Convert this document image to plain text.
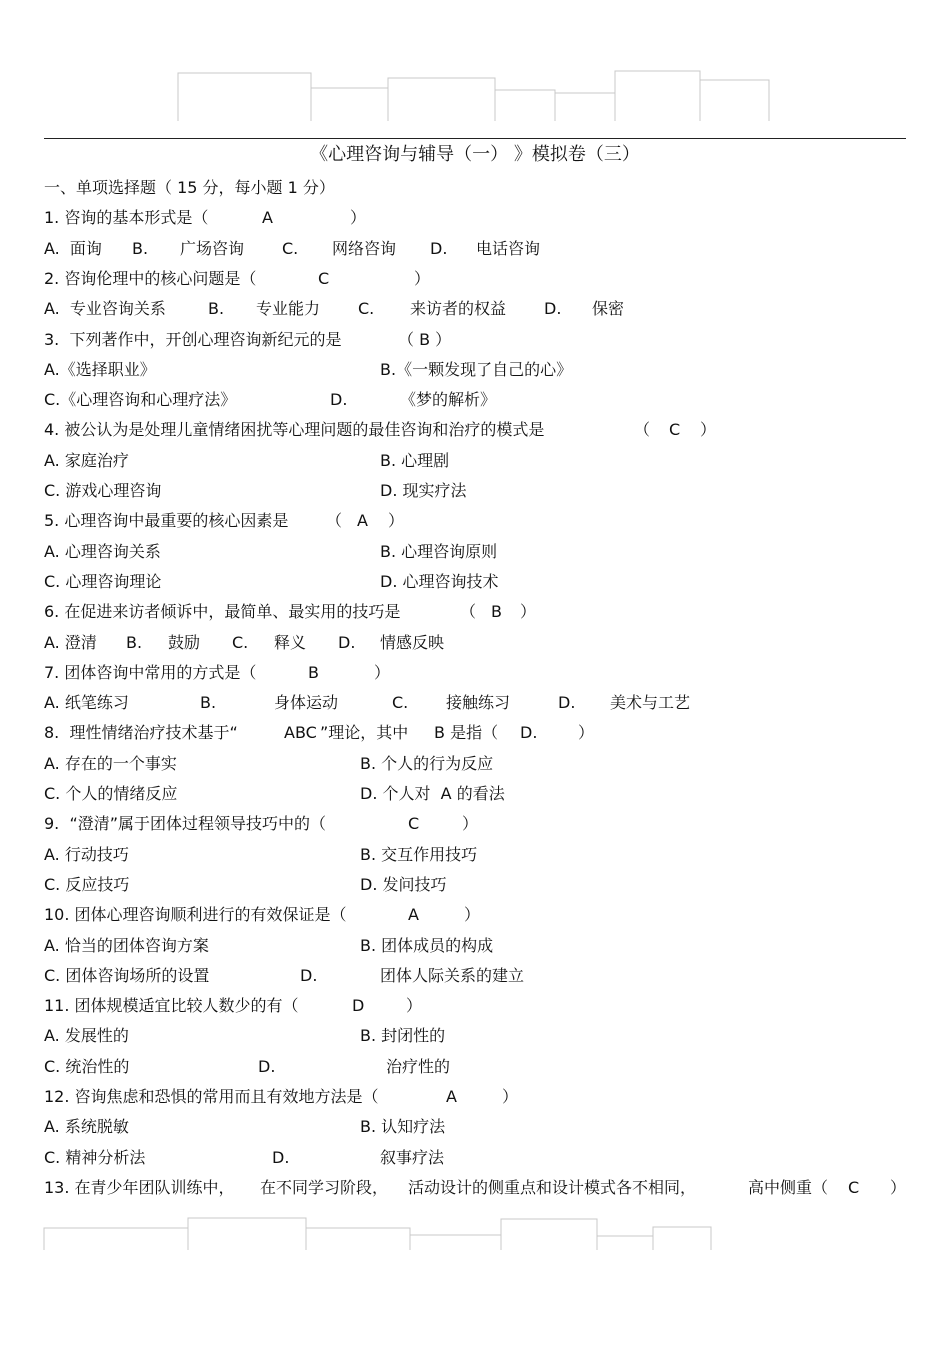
《心理咨询与辅导（一） 》模拟卷（三）
一、单项选择题（ 15 分，每小题 1 分）
1. 咨询的基本形式是（	A	）
A.  面询 B. 广场咨询 C. 网络咨询 D. 电话咨询
2. 咨询伦理中的核心问题是（	C	）
A.  专业咨询关系	B. 专业能力 C. 来访者的权益 D. 保密
3.  下列著作中，开创心理咨询新纪元的是	（ B ）
A.《选择职业》	B.《一颗发现了自己的心》
C.《心理咨询和心理疗法》	D.	《梦的解析》
4. 被公认为是处理儿童情绪困扰等心理问题的最佳咨询和治疗的模式是	（ C ）
A. 家庭治疗	B. 心理剧
C. 游戏心理咨询	D. 现实疗法
5. 心理咨询中最重要的核心因素是 （ A ）
A. 心理咨询关系	B. 心理咨询原则
C. 心理咨询理论	D. 心理咨询技术
6. 在促进来访者倾诉中，最简单、最实用的技巧是	（ B ）
A. 澄清 B. 鼓励 C. 释义 D. 情感反映
7. 团体咨询中常用的方式是（	B	）
A. 纸笔练习	B.	身体运动	C. 接触练习	D. 美术与工艺
8.  理性情绪治疗技术基于“	ABC ”理论，其中 B 是指（ D.	）
A. 存在的一个事实	B. 个人的行为反应
C. 个人的情绪反应	D. 个人对  A 的看法
9.  “澄清”属于团体过程领导技巧中的（	C	）
A. 行动技巧	B. 交互作用技巧
C. 反应技巧	D. 发问技巧
10. 团体心理咨询顺利进行的有效保证是（	A	）
A. 恰当的团体咨询方案	B. 团体成员的构成
C. 团体咨询场所的设置	D.	团体人际关系的建立
11. 团体规模适宜比较人数少的有（	D	）
A. 发展性的	B. 封闭性的
C. 统治性的	D.	治疗性的
12. 咨询焦虑和恐惧的常用而且有效地方法是（	A	）
A. 系统脱敏	B. 认知疗法
C. 精神分析法	D.	叙事疗法
13. 在青少年团队训练中， 在不同学习阶段， 活动设计的侧重点和设计模式各不相同，	高中侧重（ C ）
